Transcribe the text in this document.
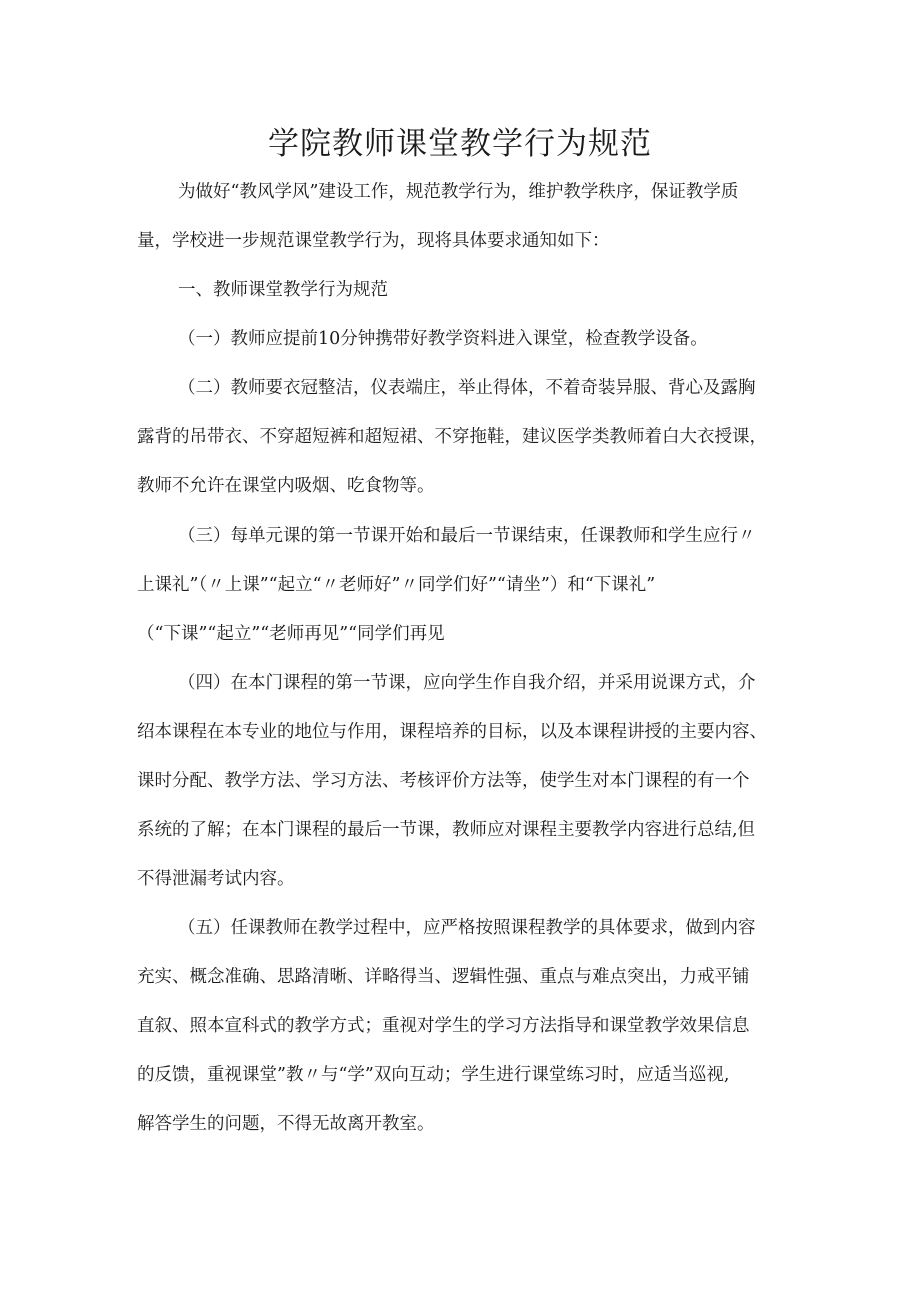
学院教师课堂教学行为规范
为做好“教风学风”建设工作，规范教学行为，维护教学秩序，保证教学质
量，学校进一步规范课堂教学行为，现将具体要求通知如下：
一、教师课堂教学行为规范
（一）教师应提前10分钟携带好教学资料进入课堂，检查教学设备。
（二）教师要衣冠整洁，仪表端庄，举止得体，不着奇装异服、背心及露胸
露背的吊带衣、不穿超短裤和超短裙、不穿拖鞋，建议医学类教师着白大衣授课，
教师不允许在课堂内吸烟、吃食物等。
（三）每单元课的第一节课开始和最后一节课结束，任课教师和学生应行〃
上课礼”（〃上课”“起立“〃老师好”〃同学们好”“请坐”）和“下课礼”
（“下课”“起立”“老师再见”“同学们再见
（四）在本门课程的第一节课，应向学生作自我介绍，并采用说课方式，介
绍本课程在本专业的地位与作用，课程培养的目标，以及本课程讲授的主要内容、
课时分配、教学方法、学习方法、考核评价方法等，使学生对本门课程的有一个
系统的了解；在本门课程的最后一节课，教师应对课程主要教学内容进行总结,但
不得泄漏考试内容。
（五）任课教师在教学过程中，应严格按照课程教学的具体要求，做到内容
充实、概念准确、思路清晰、详略得当、逻辑性强、重点与难点突出，力戒平铺
直叙、照本宣科式的教学方式；重视对学生的学习方法指导和课堂教学效果信息
的反馈，重视课堂”教〃与“学”双向互动；学生进行课堂练习时，应适当巡视,
解答学生的问题，不得无故离开教室。
